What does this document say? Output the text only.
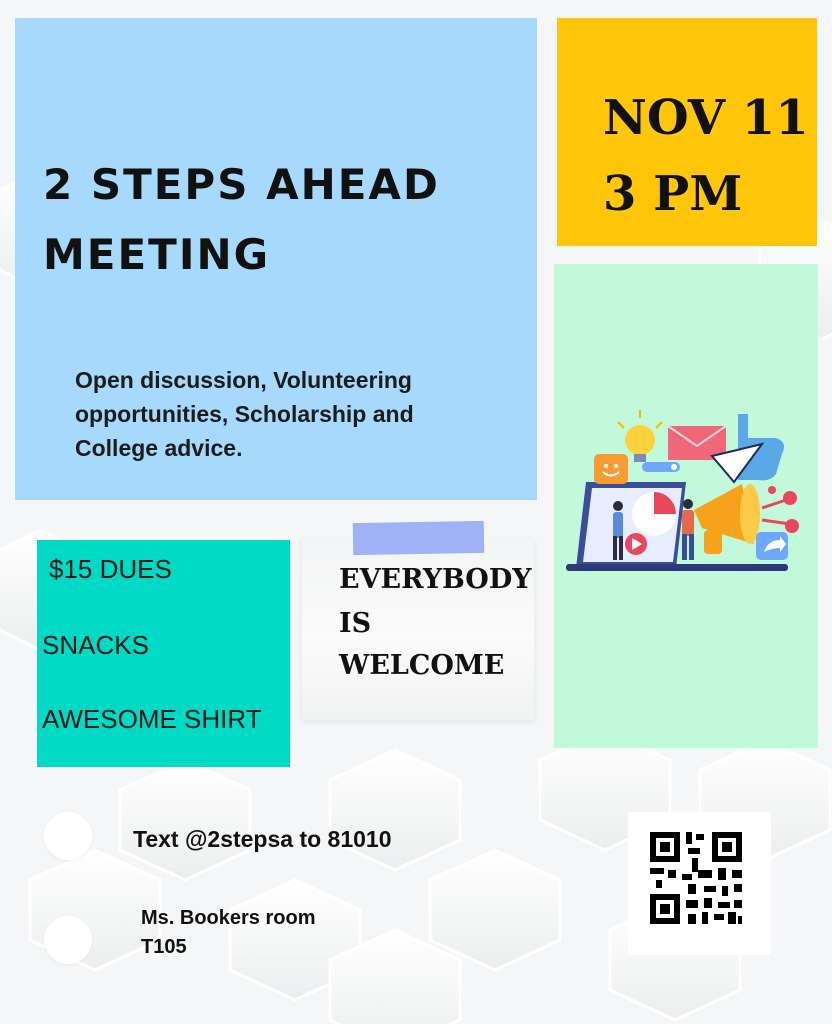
2 STEPS AHEAD
MEETING
Open discussion, Volunteering
opportunities, Scholarship and
College advice.
NOV 11
3 PM
$15 DUES
SNACKS
AWESOME SHIRT
EVERYBODY
IS
WELCOME
Text @2stepsa to 81010
Ms. Bookers room
T105
